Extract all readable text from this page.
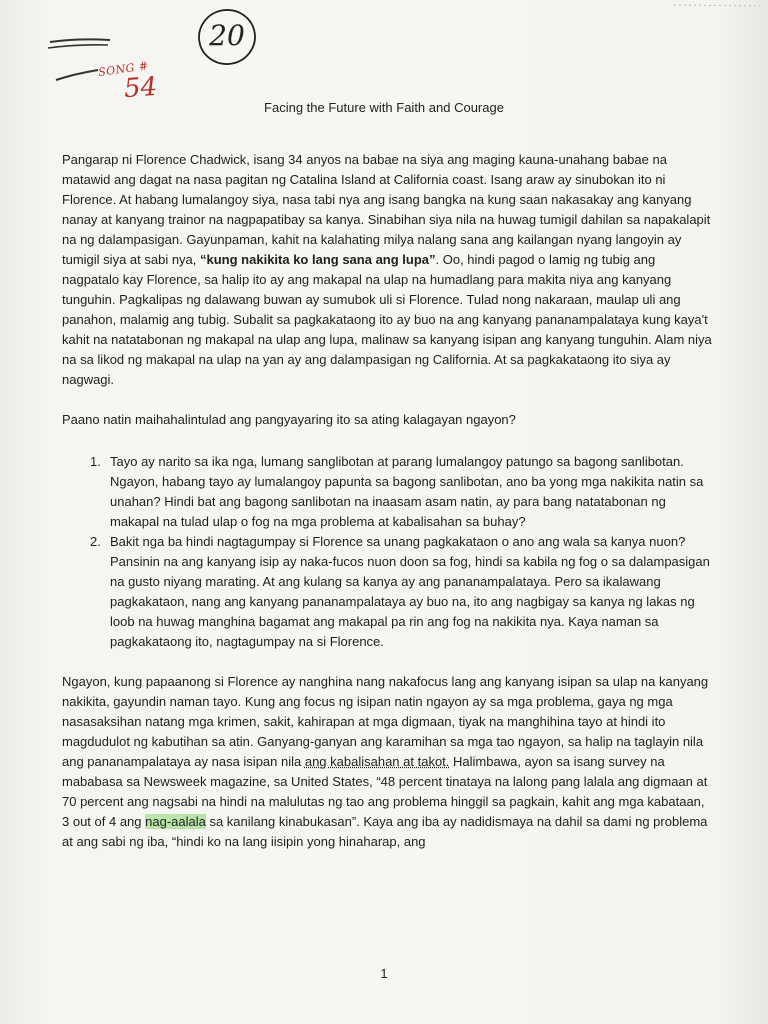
20
SONG #
54
Facing the Future with Faith and Courage

Pangarap ni Florence Chadwick, isang 34 anyos na babae na siya ang maging kauna-unahang babae na matawid ang dagat na nasa pagitan ng Catalina Island at California coast. Isang araw ay sinubokan ito ni Florence. At habang lumalangoy siya, nasa tabi nya ang isang bangka na kung saan nakasakay ang kanyang nanay at kanyang trainor na nagpapatibay sa kanya. Sinabihan siya nila na huwag tumigil dahilan sa napakalapit na ng dalampasigan. Gayunpaman, kahit na kalahating milya nalang sana ang kailangan nyang langoyin ay tumigil siya at sabi nya, “kung nakikita ko lang sana ang lupa”. Oo, hindi pagod o lamig ng tubig ang nagpatalo kay Florence, sa halip ito ay ang makapal na ulap na humadlang para makita niya ang kanyang tunguhin. Pagkalipas ng dalawang buwan ay sumubok uli si Florence. Tulad nong nakaraan, maulap uli ang panahon, malamig ang tubig. Subalit sa pagkakataong ito ay buo na ang kanyang pananampalataya kung kaya't kahit na natatabonan ng makapal na ulap ang lupa, malinaw sa kanyang isipan ang kanyang tunguhin. Alam niya na sa likod ng makapal na ulap na yan ay ang dalampasigan ng California. At sa pagkakataong ito siya ay nagwagi.

Paano natin maihahalintulad ang pangyayaring ito sa ating kalagayan ngayon?

1. Tayo ay narito sa ika nga, lumang sanglibotan at parang lumalangoy patungo sa bagong sanlibotan. Ngayon, habang tayo ay lumalangoy papunta sa bagong sanlibotan, ano ba yong mga nakikita natin sa unahan? Hindi bat ang bagong sanlibotan na inaasam asam natin, ay para bang natatabonan ng makapal na tulad ulap o fog na mga problema at kabalisahan sa buhay?
2. Bakit nga ba hindi nagtagumpay si Florence sa unang pagkakataon o ano ang wala sa kanya nuon? Pansinin na ang kanyang isip ay naka-fucos nuon doon sa fog, hindi sa kabila ng fog o sa dalampasigan na gusto niyang marating. At ang kulang sa kanya ay ang pananampalataya. Pero sa ikalawang pagkakataon, nang ang kanyang pananampalataya ay buo na, ito ang nagbigay sa kanya ng lakas ng loob na huwag manghina bagamat ang makapal pa rin ang fog na nakikita nya. Kaya naman sa pagkakataong ito, nagtagumpay na si Florence.

Ngayon, kung papaanong si Florence ay nanghina nang nakafocus lang ang kanyang isipan sa ulap na kanyang nakikita, gayundin naman tayo. Kung ang focus ng isipan natin ngayon ay sa mga problema, gaya ng mga nasasaksihan natang mga krimen, sakit, kahirapan at mga digmaan, tiyak na manghihina tayo at hindi ito magdudulot ng kabutihan sa atin. Ganyang-ganyan ang karamihan sa mga tao ngayon, sa halip na taglayin nila ang pananampalataya ay nasa isipan nila ang kabalisahan at takot. Halimbawa, ayon sa isang survey na mababasa sa Newsweek magazine, sa United States, “48 percent tinataya na lalong pang lalala ang digmaan at 70 percent ang nagsabi na hindi na malulutas ng tao ang problema hinggil sa pagkain, kahit ang mga kabataan, 3 out of 4 ang nag-aalala sa kanilang kinabukasan”. Kaya ang iba ay nadidismaya na dahil sa dami ng problema at ang sabi ng iba, “hindi ko na lang iisipin yong hinaharap, ang

1
